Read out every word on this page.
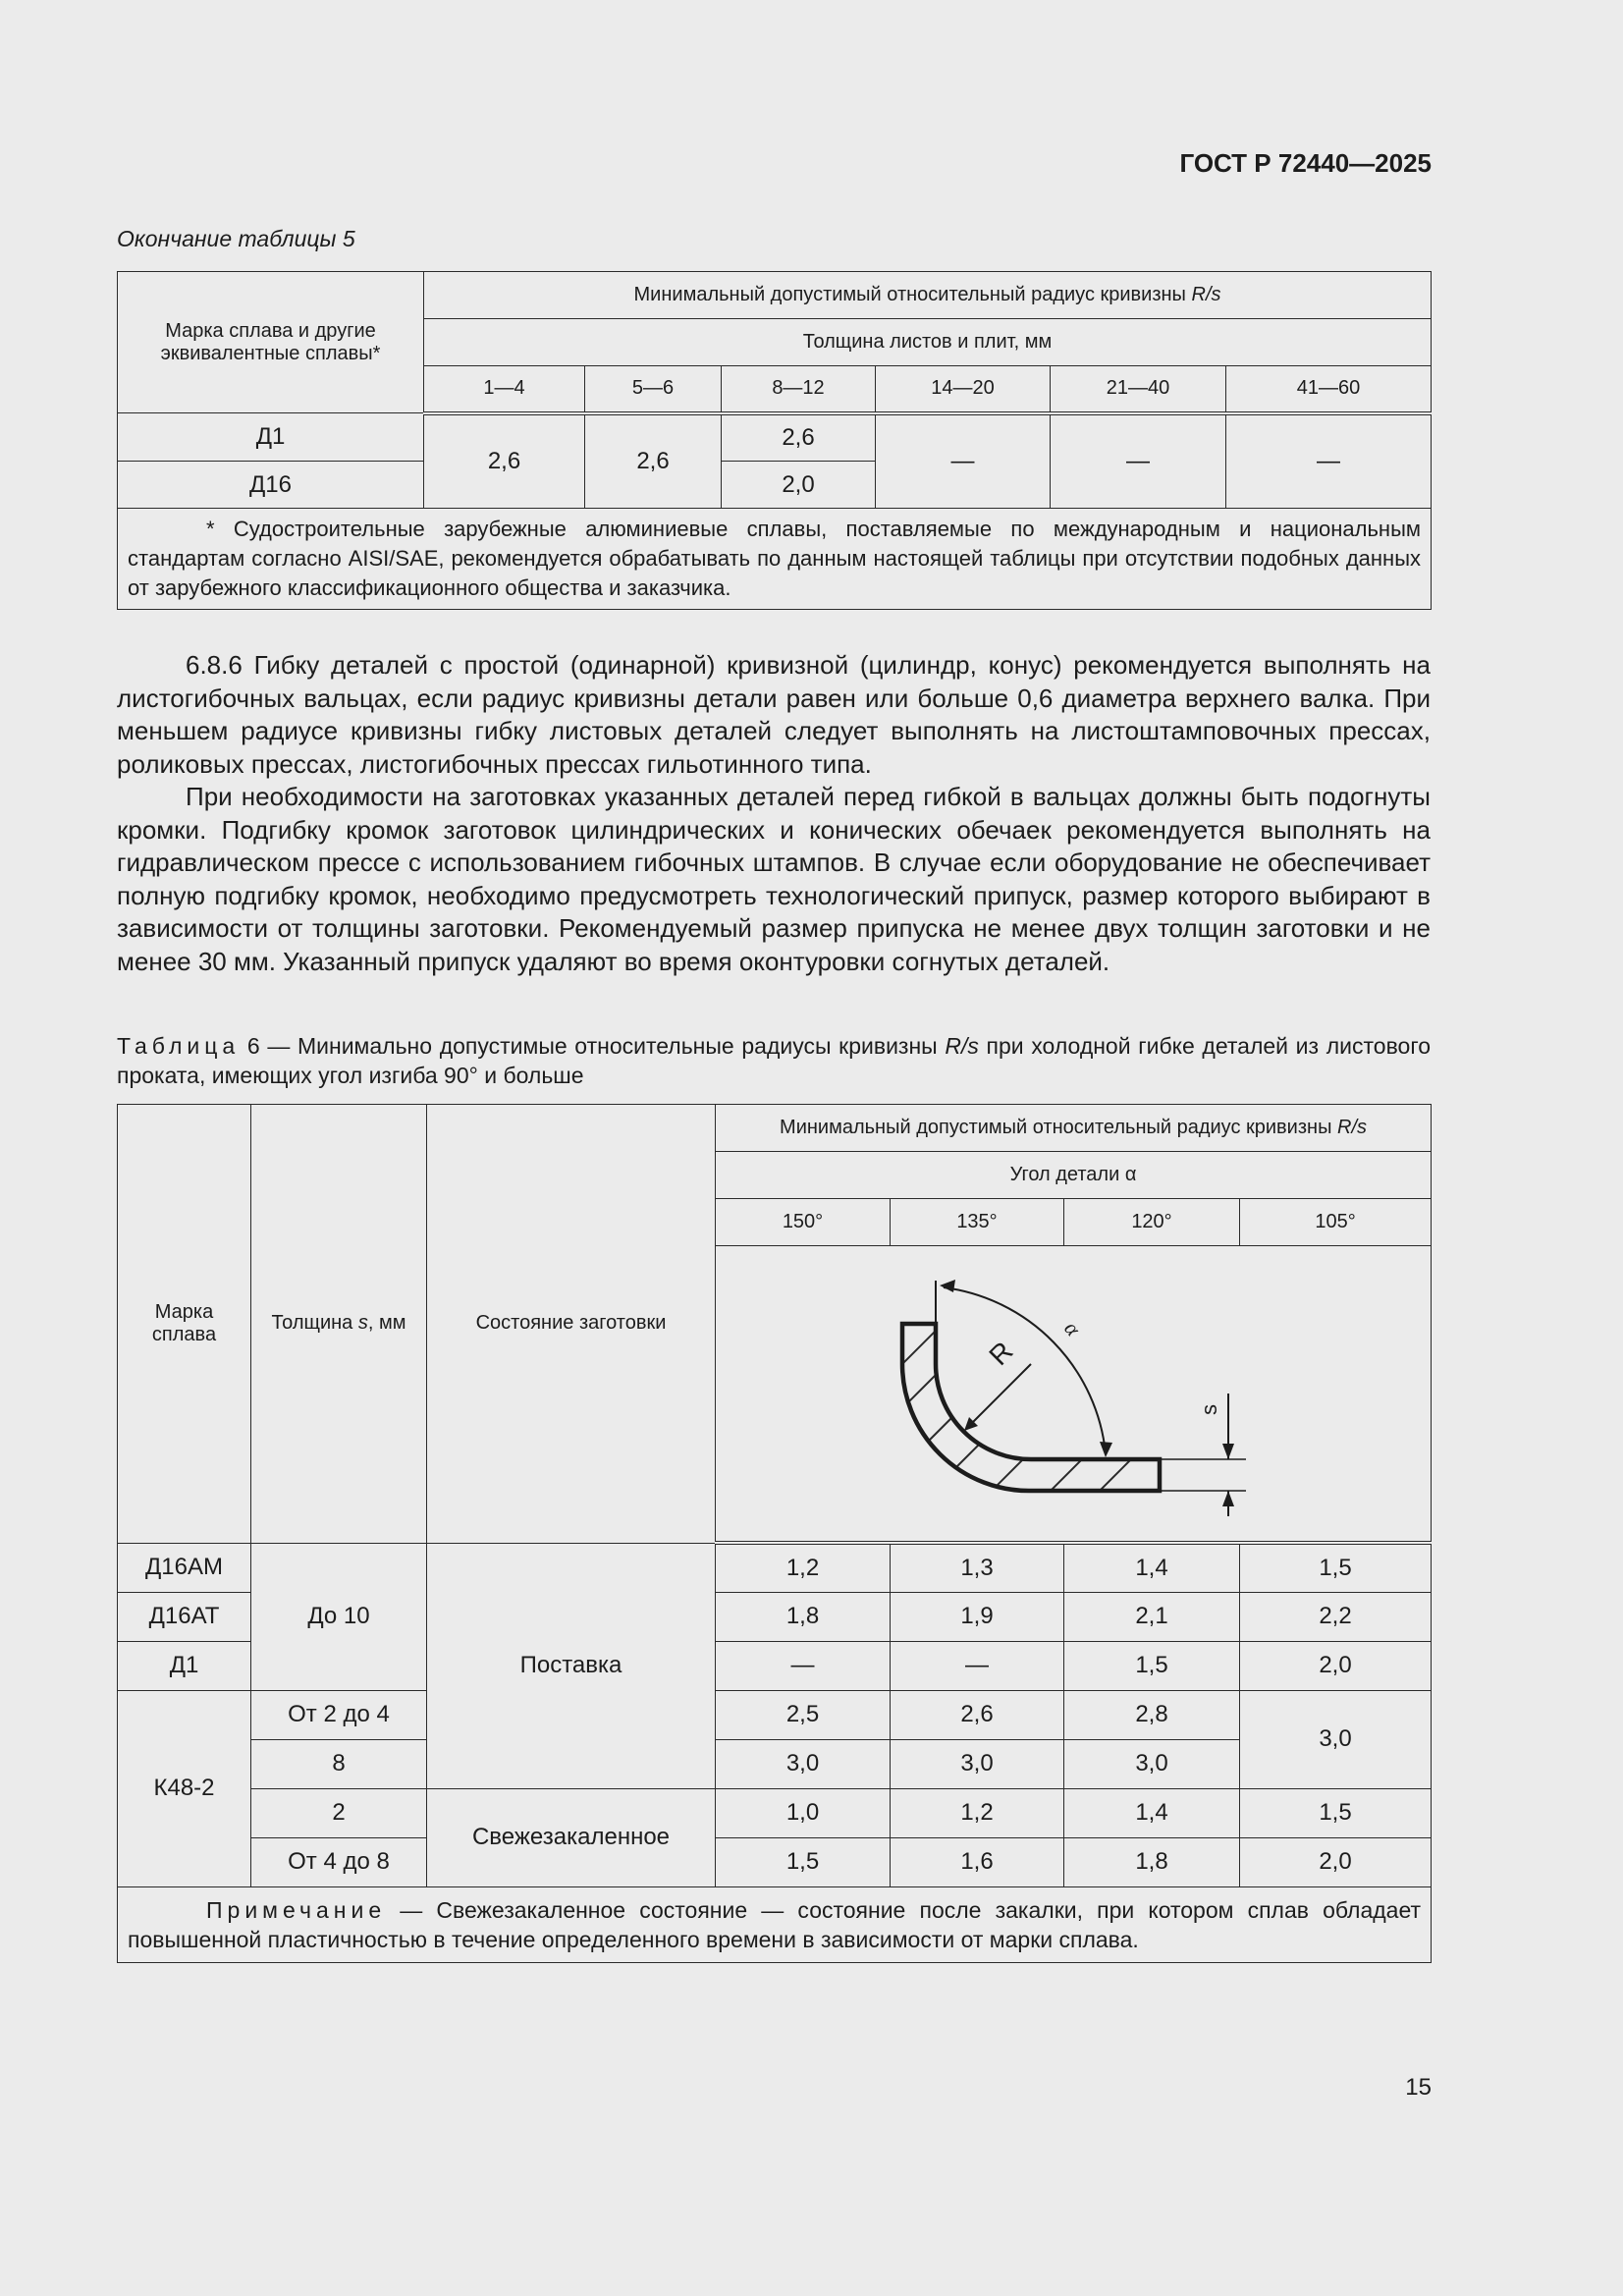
ГОСТ Р 72440—2025
Окончание таблицы 5
Марка сплава и другие эквивалентные сплавы*	Минимальный допустимый относительный радиус кривизны R/s					
	Толщина листов и плит, мм					
	1—4	5—6	8—12	14—20	21—40	41—60
Д1	2,6	2,6	2,6	—	—	—
Д16			2,0			
* Судостроительные зарубежные алюминиевые сплавы, поставляемые по международным и национальным стандартам согласно AISI/SAE, рекомендуется обрабатывать по данным настоящей таблицы при отсутствии подобных данных от зарубежного классификационного общества и заказчика.						

6.8.6 Гибку деталей с простой (одинарной) кривизной (цилиндр, конус) рекомендуется выполнять на листогибочных вальцах, если радиус кривизны детали равен или больше 0,6 диаметра верхнего валка. При меньшем радиусе кривизны гибку листовых деталей следует выполнять на листоштамповочных прессах, роликовых прессах, листогибочных прессах гильотинного типа.

При необходимости на заготовках указанных деталей перед гибкой в вальцах должны быть подогнуты кромки. Подгибку кромок заготовок цилиндрических и конических обечаек рекомендуется выполнять на гидравлическом прессе с использованием гибочных штампов. В случае если оборудование не обеспечивает полную подгибку кромок, необходимо предусмотреть технологический припуск, размер которого выбирают в зависимости от толщины заготовки. Рекомендуемый размер припуска не менее двух толщин заготовки и не менее 30 мм. Указанный припуск удаляют во время оконтуровки согнутых деталей.

Таблица 6 — Минимально допустимые относительные радиусы кривизны R/s при холодной гибке деталей из листового проката, имеющих угол изгиба 90° и больше
Марка сплава	Толщина s, мм	Состояние заготовки	Минимальный допустимый относительный радиус кривизны R/s			
			Угол детали α			
			150°	135°	120°	105°

α
R
s			

Д16АМ	До 10	Поставка	1,2	1,3	1,4	1,5
Д16АТ			1,8	1,9	2,1	2,2
Д1			—	—	1,5	2,0
К48-2	От 2 до 4		2,5	2,6	2,8	3,0
	8		3,0	3,0	3,0	
	2	Свежезакаленное	1,0	1,2	1,4	1,5
	От 4 до 8		1,5	1,6	1,8	2,0
Примечание — Свежезакаленное состояние — состояние после закалки, при котором сплав обладает повышенной пластичностью в течение определенного времени в зависимости от марки сплава.						
15
